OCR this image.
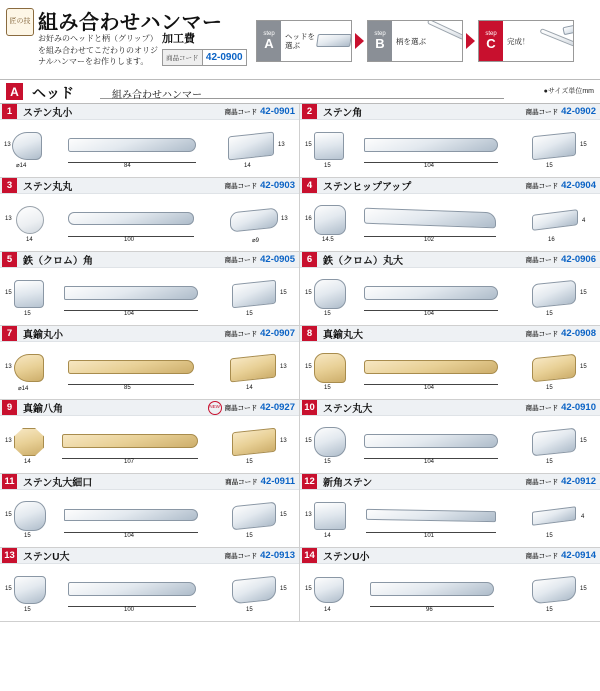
匠の技 組み合わせハンマー
お好みのヘッドと柄（グリップ）を組み合わせてこだわりのオリジナルハンマーをお作りします。
加工費
商品コード 42-0900
step
A	ヘッドを選ぶ
step
B	柄を選ぶ
step
C	完成！
A ヘッド	組み合わせハンマー	●サイズ単位mm
1	ステン丸小	商品コード 42-0901
13
⌀14	84	14
13
2	ステン角	商品コード 42-0902
15
15	104	15
15
3	ステン丸丸	商品コード 42-0903
13
14	100	⌀9
13
4	ステンヒップアップ	商品コード 42-0904
16
14.5	102	16
4
5	鉄（クロム）角	商品コード 42-0905
15
15	104	15
15
6	鉄（クロム）丸大	商品コード 42-0906
15
15	104	15
15
7	真鍮丸小	商品コード 42-0907
13
⌀14	85	14
13
8	真鍮丸大	商品コード 42-0908
15
15	104	15
15
9	真鍮八角	NEW 商品コード 42-0927
13
14	107	15
13
10 ステン丸大	商品コード 42-0910
15
15	104	15
15
11 ステン丸大細口	商品コード 42-0911
15
15	104	15
15
12 新角ステン	商品コード 42-0912
13
14	101	15
4
13 ステンU大	商品コード 42-0913
15
15	100	15
15
14 ステンU小	商品コード 42-0914
15
14	96	15
15
